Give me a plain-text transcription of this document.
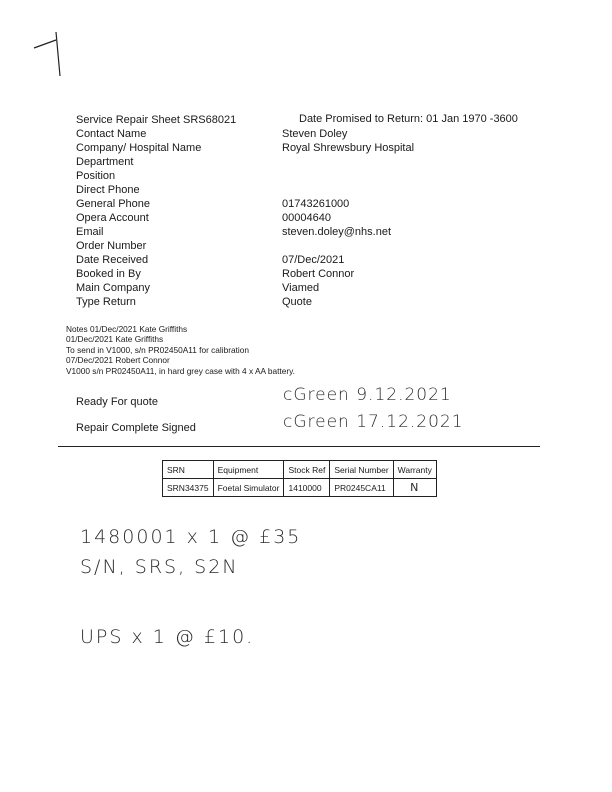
Service Repair Sheet SRS68021	Date Promised to Return: 01 Jan 1970 -3600
Contact Name	Steven Doley
Company/ Hospital Name	Royal Shrewsbury Hospital
Department
Position
Direct Phone
General Phone	01743261000
Opera Account	00004640
Email	steven.doley@nhs.net
Order Number
Date Received	07/Dec/2021
Booked in By	Robert Connor
Main Company	Viamed
Type Return	Quote
Notes 01/Dec/2021 Kate Griffiths
01/Dec/2021 Kate Griffiths
To send in V1000, s/n PR02450A11 for calibration
07/Dec/2021 Robert Connor
V1000 s/n PR02450A11, in hard grey case with 4 x AA battery.
Ready For quote	cGreen 9.12.2021
Repair Complete Signed	cGreen 17.12.2021
SRN	Equipment	Stock Ref	Serial Number	Warranty
SRN34375	Foetal Simulator	1410000	PR0245CA11	N
1480001 x 1 @ £35
S/N, SRS, S2N
UPS x 1 @ £10.
